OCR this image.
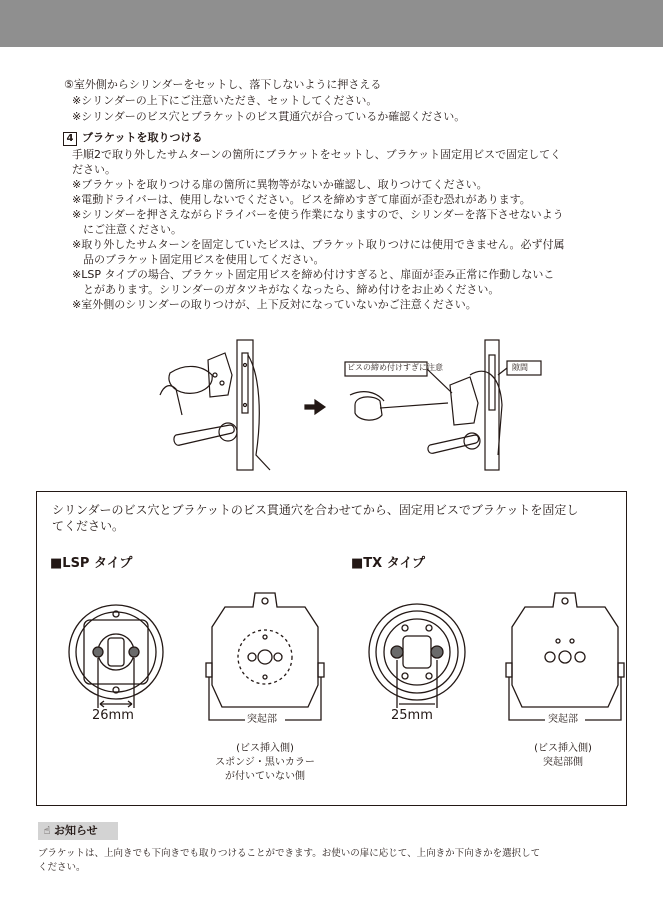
⑤室外側からシリンダーをセットし、落下しないように押さえる
※シリンダーの上下にご注意いただき、セットしてください。
※シリンダーのビス穴とブラケットのビス貫通穴が合っているか確認ください。
4 ブラケットを取りつける
手順2で取り外したサムターンの箇所にブラケットをセットし、ブラケット固定用ビスで固定してく
ださい。
※ブラケットを取りつける扉の箇所に異物等がないか確認し、取りつけてください。
※電動ドライバーは、使用しないでください。ビスを締めすぎて扉面が歪む恐れがあります。
※シリンダーを押さえながらドライバーを使う作業になりますので、シリンダーを落下させないよう
　にご注意ください。
※取り外したサムターンを固定していたビスは、ブラケット取りつけには使用できません。必ず付属
　品のブラケット固定用ビスを使用してください。
※LSP タイプの場合、ブラケット固定用ビスを締め付けすぎると、扉面が歪み正常に作動しないこ
　とがあります。シリンダーのガタツキがなくなったら、締め付けをお止めください。
※室外側のシリンダーの取りつけが、上下反対になっていないかご注意ください。
ビスの締め付けすぎに注意	隙間
シリンダーのビス穴とブラケットのビス貫通穴を合わせてから、固定用ビスでブラケットを固定し
てください。
■LSP タイプ	■TX タイプ
26mm	突起部
(ビス挿入側)
スポンジ・黒いカラー
が付いていない側
25mm	突起部
(ビス挿入側)
突起部側
☝ お知らせ
ブラケットは、上向きでも下向きでも取りつけることができます。お使いの扉に応じて、上向きか下向きかを選択して
ください。
